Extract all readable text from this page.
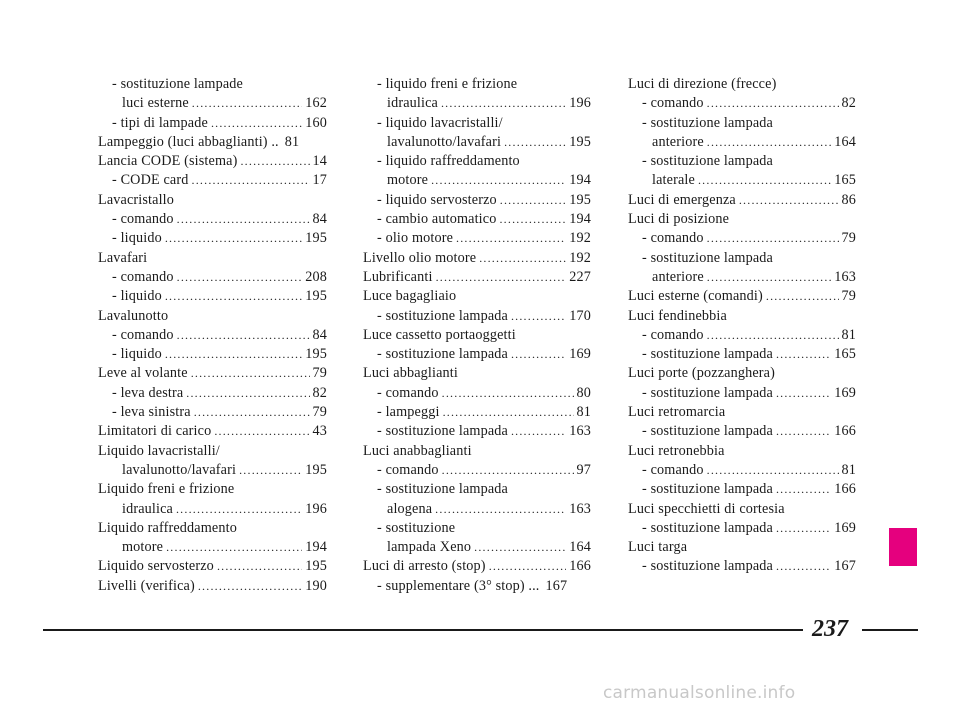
- sostituzione lampade
luci esterne .....	162
- tipi di lampade .....	160
Lampeggio (luci abbaglianti) .. 81
Lancia CODE (sistema) .....	14
- CODE card .....	17
Lavacristallo
- comando .....	84
- liquido .....	195
Lavafari
- comando .....	208
- liquido .....	195
Lavalunotto
- comando .....	84
- liquido .....	195
Leve al volante .....	79
- leva destra .....	82
- leva sinistra .....	79
Limitatori di carico .....	43
Liquido lavacristalli/
lavalunotto/lavafari .....	195
Liquido freni e frizione
idraulica .....	196
Liquido raffreddamento
motore .....	194
Liquido servosterzo .....	195
Livelli (verifica) .....	190
- liquido freni e frizione
idraulica .....	196
- liquido lavacristalli/
lavalunotto/lavafari .....	195
- liquido raffreddamento
motore .....	194
- liquido servosterzo .....	195
- cambio automatico .....	194
- olio motore .....	192
Livello olio motore .....	192
Lubrificanti .....	227
Luce bagagliaio
- sostituzione lampada .....	170
Luce cassetto portaoggetti
- sostituzione lampada .....	169
Luci abbaglianti
- comando .....	80
- lampeggi .....	81
- sostituzione lampada .....	163
Luci anabbaglianti
- comando .....	97
- sostituzione lampada
alogena .....	163
- sostituzione
lampada Xeno .....	164
Luci di arresto (stop) .....	166
- supplementare (3° stop) ... 167
Luci di direzione (frecce)
- comando .....	82
- sostituzione lampada
anteriore .....	164
- sostituzione lampada
laterale .....	165
Luci di emergenza .....	86
Luci di posizione
- comando .....	79
- sostituzione lampada
anteriore .....	163
Luci esterne (comandi) .....	79
Luci fendinebbia
- comando .....	81
- sostituzione lampada .....	165
Luci porte (pozzanghera)
- sostituzione lampada .....	169
Luci retromarcia
- sostituzione lampada .....	166
Luci retronebbia
- comando .....	81
- sostituzione lampada .....	166
Luci specchietti di cortesia
- sostituzione lampada .....	169
Luci targa
- sostituzione lampada .....	167
237
carmanualsonline.info
